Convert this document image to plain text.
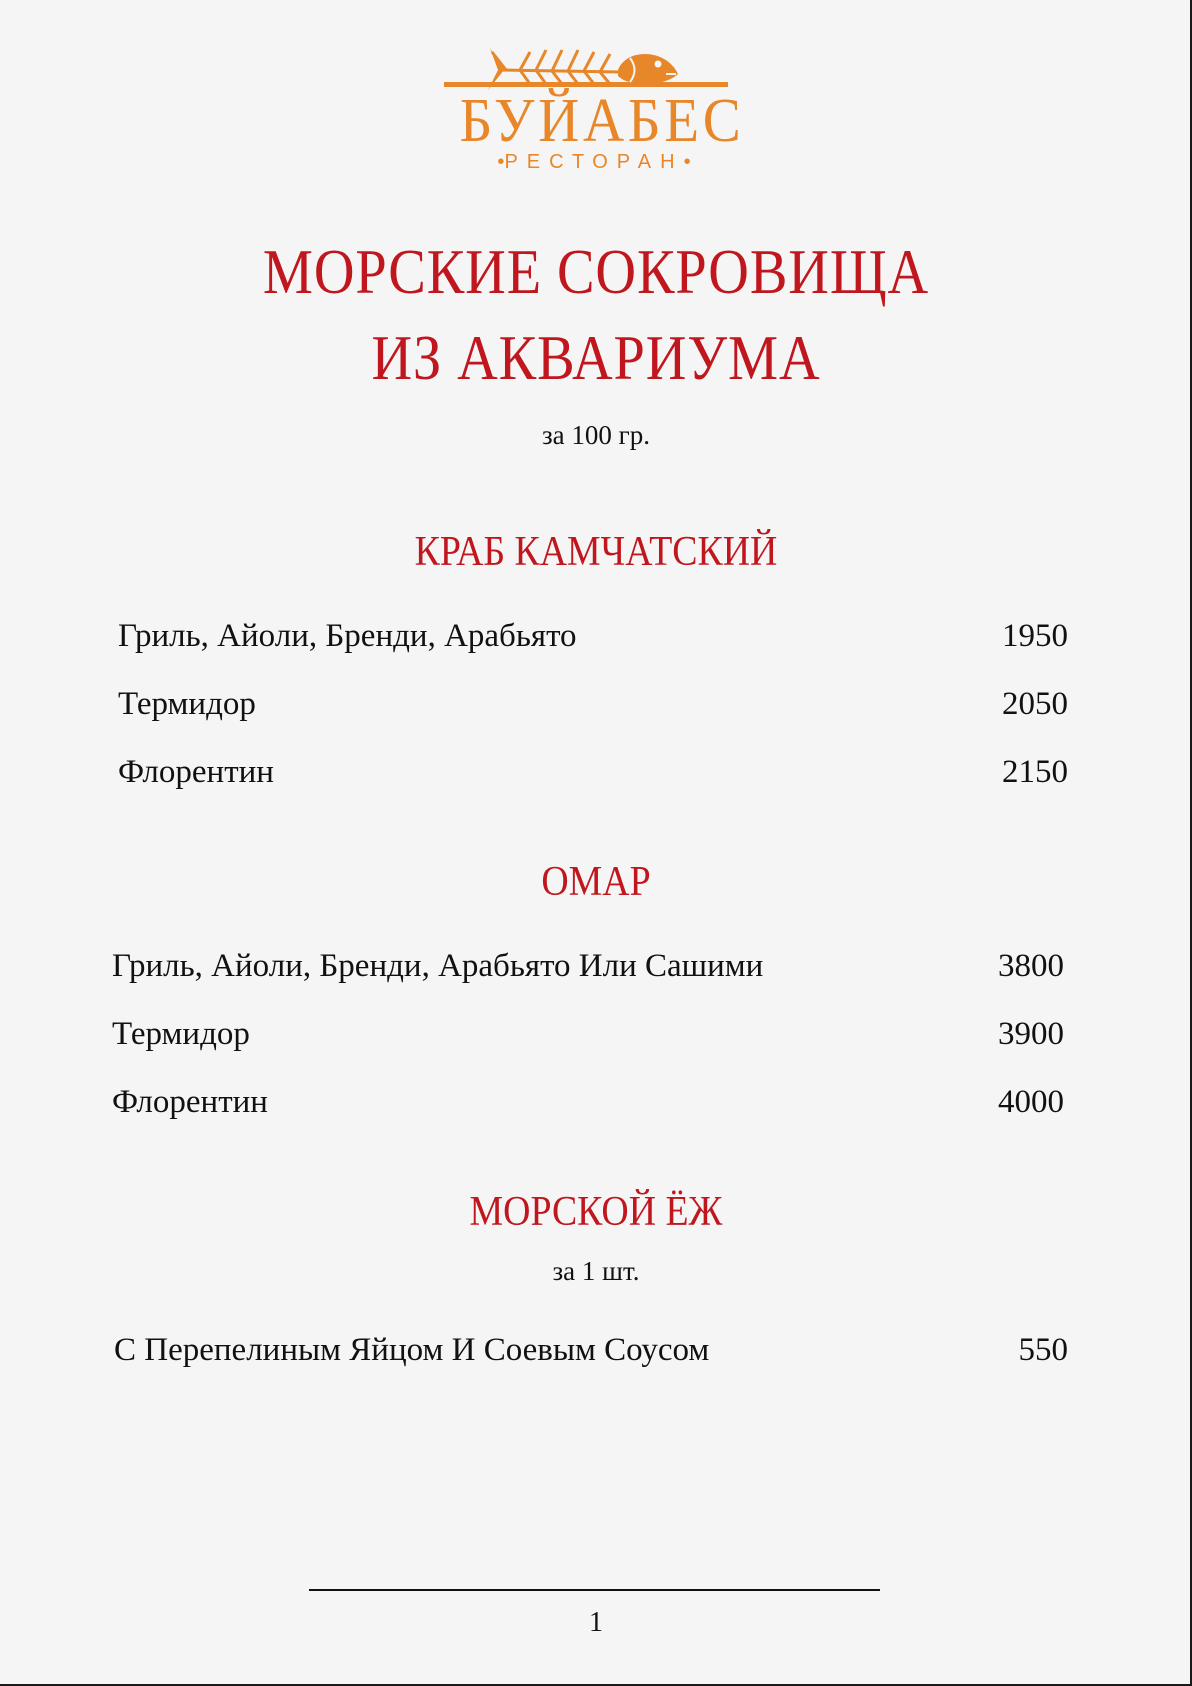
БУЙАБЕС
•РЕСТОРАН•
МОРСКИЕ СОКРОВИЩА
ИЗ АКВАРИУМА
за 100 гр.
КРАБ КАМЧАТСКИЙ
Гриль, Айоли, Бренди, Арабьято	1950
Термидор	2050
Флорентин	2150
ОМАР
Гриль, Айоли, Бренди, Арабьято Или Сашими	3800
Термидор	3900
Флорентин	4000
МОРСКОЙ ЁЖ
за 1 шт.
С Перепелиным Яйцом И Соевым Соусом	550
1
